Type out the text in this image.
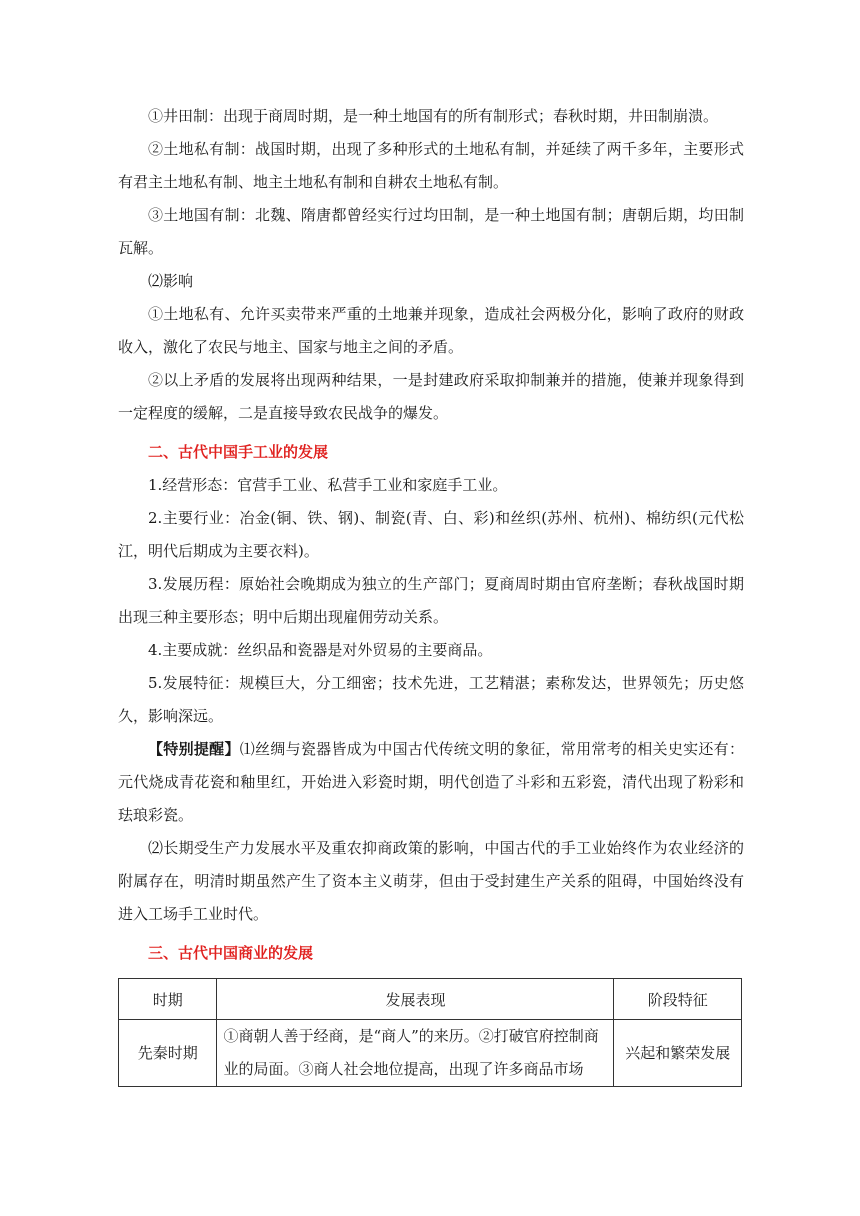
①井田制：出现于商周时期，是一种土地国有的所有制形式；春秋时期，井田制崩溃。

②土地私有制：战国时期，出现了多种形式的土地私有制，并延续了两千多年，主要形式有君主土地私有制、地主土地私有制和自耕农土地私有制。

③土地国有制：北魏、隋唐都曾经实行过均田制，是一种土地国有制；唐朝后期，均田制瓦解。

⑵影响

①土地私有、允许买卖带来严重的土地兼并现象，造成社会两极分化，影响了政府的财政收入，激化了农民与地主、国家与地主之间的矛盾。

②以上矛盾的发展将出现两种结果，一是封建政府采取抑制兼并的措施，使兼并现象得到一定程度的缓解，二是直接导致农民战争的爆发。

二、古代中国手工业的发展

1.经营形态：官营手工业、私营手工业和家庭手工业。

2.主要行业：冶金(铜、铁、钢)、制瓷(青、白、彩)和丝织(苏州、杭州)、棉纺织(元代松江，明代后期成为主要衣料)。

3.发展历程：原始社会晚期成为独立的生产部门；夏商周时期由官府垄断；春秋战国时期出现三种主要形态；明中后期出现雇佣劳动关系。

4.主要成就：丝织品和瓷器是对外贸易的主要商品。

5.发展特征：规模巨大，分工细密；技术先进，工艺精湛；素称发达，世界领先；历史悠久，影响深远。

【特别提醒】⑴丝绸与瓷器皆成为中国古代传统文明的象征，常用常考的相关史实还有：元代烧成青花瓷和釉里红，开始进入彩瓷时期，明代创造了斗彩和五彩瓷，清代出现了粉彩和珐琅彩瓷。

⑵长期受生产力发展水平及重农抑商政策的影响，中国古代的手工业始终作为农业经济的附属存在，明清时期虽然产生了资本主义萌芽，但由于受封建生产关系的阻碍，中国始终没有进入工场手工业时代。

三、古代中国商业的发展

时期	发展表现	阶段特征
先秦时期	①商朝人善于经商，是“商人”的来历。②打破官府控制商业的局面。③商人社会地位提高，出现了许多商品市场	兴起和繁荣发展
